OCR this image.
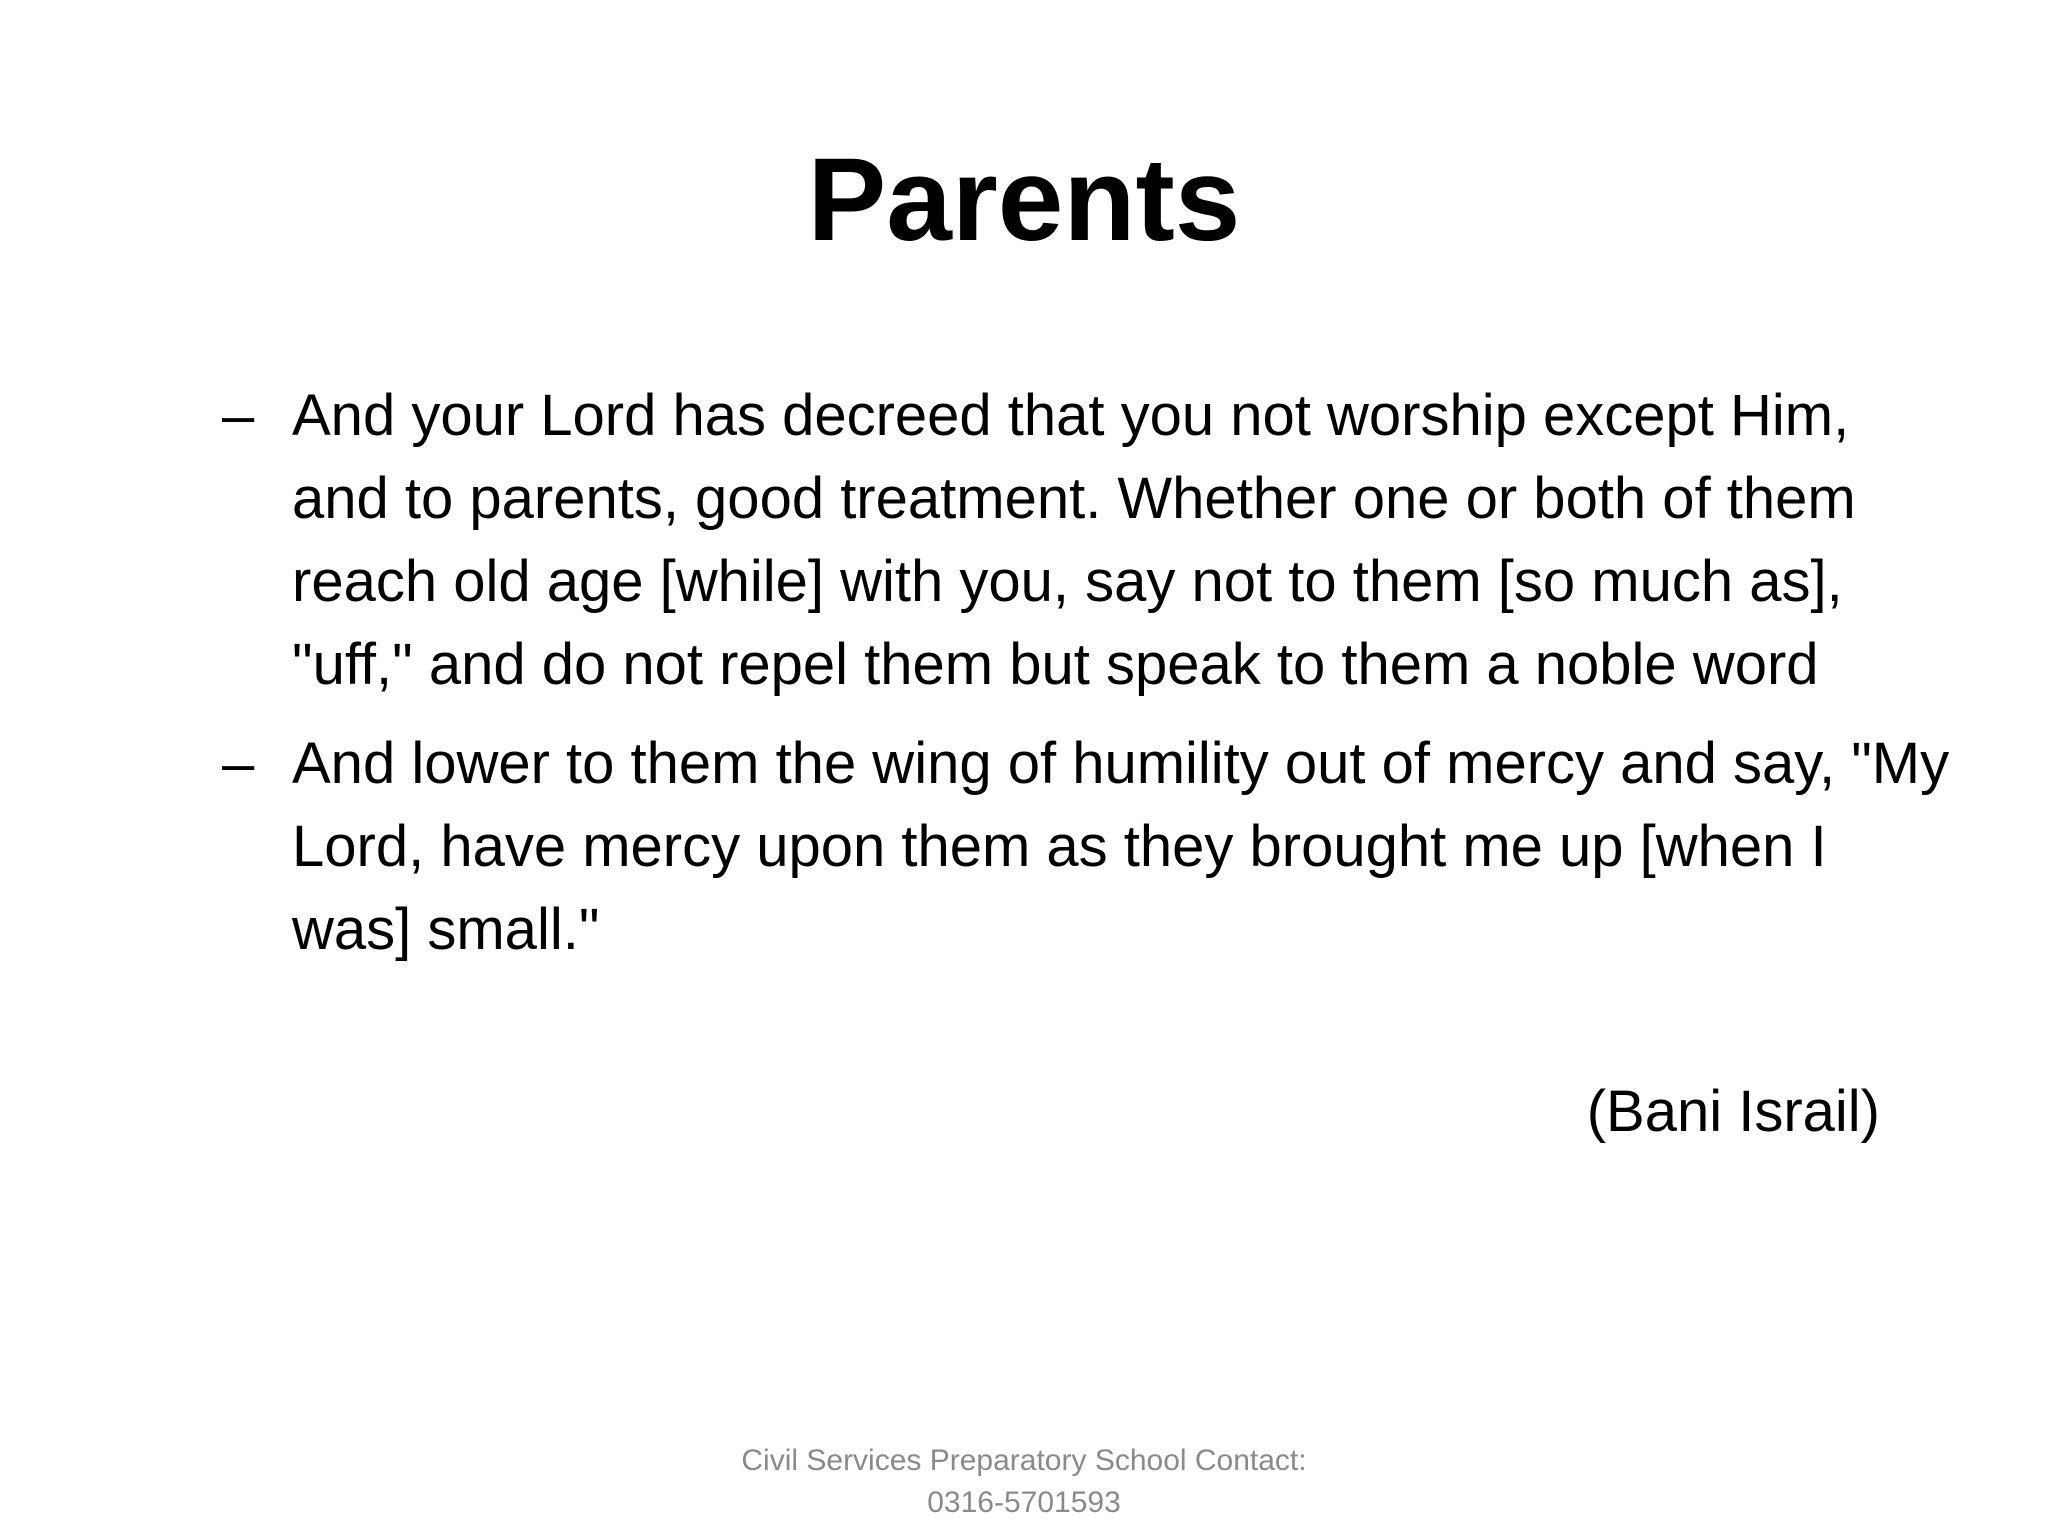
Parents
– And your Lord has decreed that you not worship except Him, and to parents, good treatment. Whether one or both of them reach old age [while] with you, say not to them [so much as], "uff," and do not repel them but speak to them a noble word
– And lower to them the wing of humility out of mercy and say, "My Lord, have mercy upon them as they brought me up [when I was] small."
(Bani Israil)
Civil Services Preparatory School Contact:
0316-5701593
